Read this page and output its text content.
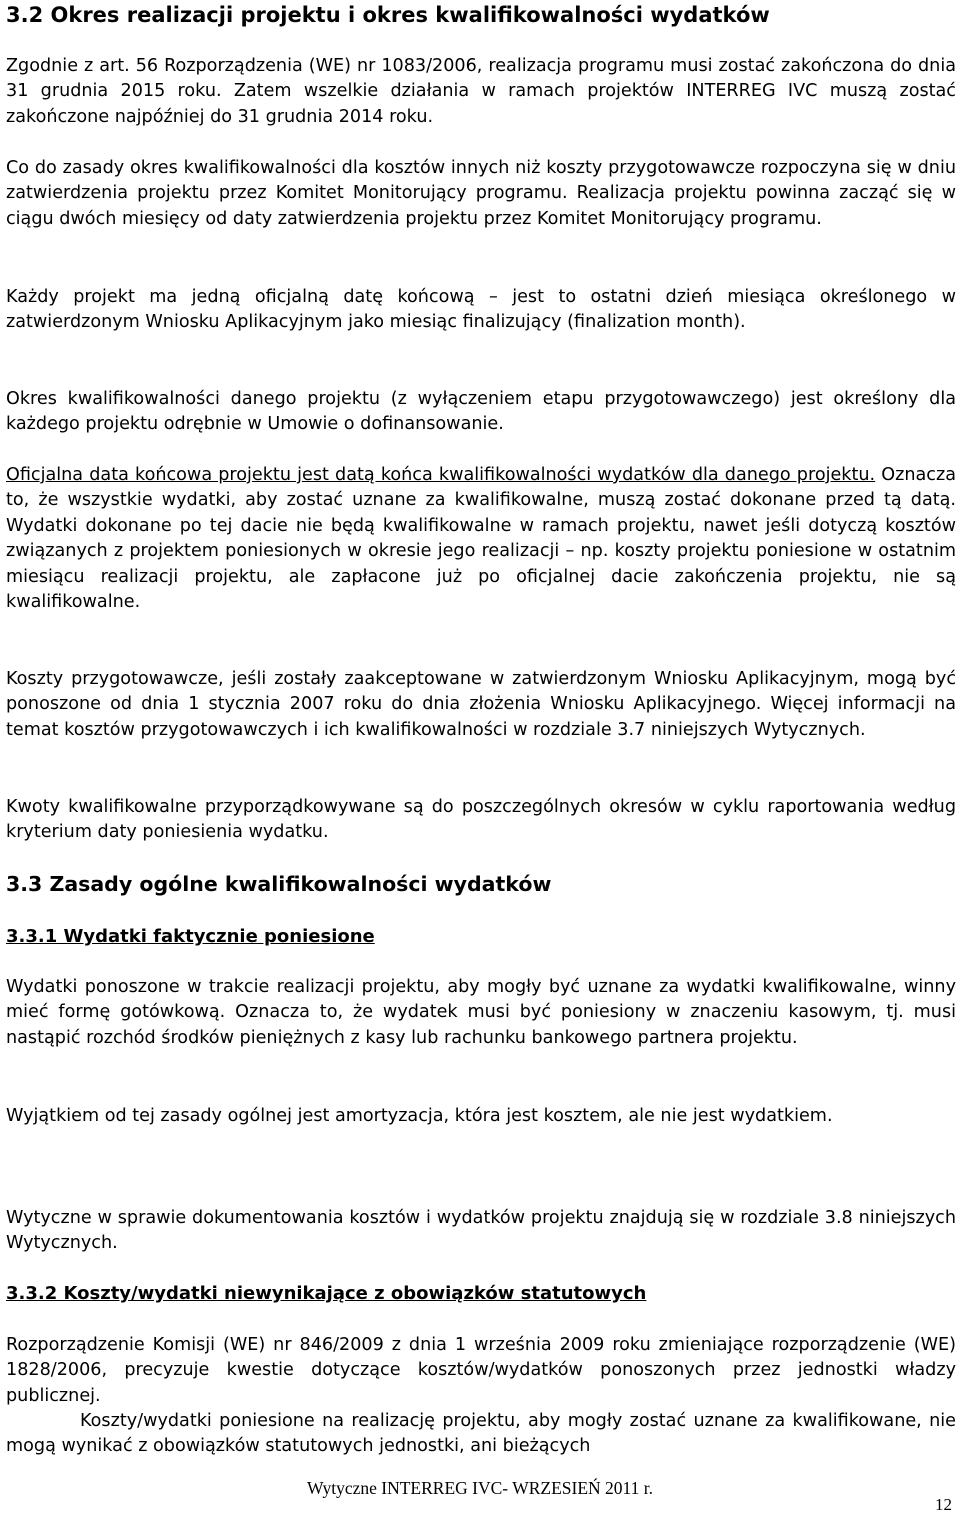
3.2 Okres realizacji projektu i okres kwalifikowalności wydatków

Zgodnie z art. 56 Rozporządzenia (WE) nr 1083/2006, realizacja programu musi zostać zakończona do dnia 31 grudnia 2015 roku. Zatem wszelkie działania w ramach projektów INTERREG IVC muszą zostać zakończone najpóźniej do 31 grudnia 2014 roku.

Co do zasady okres kwalifikowalności dla kosztów innych niż koszty przygotowawcze rozpoczyna się w dniu zatwierdzenia projektu przez Komitet Monitorujący programu. Realizacja projektu powinna zacząć się w ciągu dwóch miesięcy od daty zatwierdzenia projektu przez Komitet Monitorujący programu.

Każdy projekt ma jedną oficjalną datę końcową – jest to ostatni dzień miesiąca określonego w zatwierdzonym Wniosku Aplikacyjnym jako miesiąc finalizujący (finalization month).

Okres kwalifikowalności danego projektu (z wyłączeniem etapu przygotowawczego) jest określony dla każdego projektu odrębnie w Umowie o dofinansowanie.

Oficjalna data końcowa projektu jest datą końca kwalifikowalności wydatków dla danego projektu. Oznacza to, że wszystkie wydatki, aby zostać uznane za kwalifikowalne, muszą zostać dokonane przed tą datą. Wydatki dokonane po tej dacie nie będą kwalifikowalne w ramach projektu, nawet jeśli dotyczą kosztów związanych z projektem poniesionych w okresie jego realizacji – np. koszty projektu poniesione w ostatnim miesiącu realizacji projektu, ale zapłacone już po oficjalnej dacie zakończenia projektu, nie są kwalifikowalne.

Koszty przygotowawcze, jeśli zostały zaakceptowane w zatwierdzonym Wniosku Aplikacyjnym, mogą być ponoszone od dnia 1 stycznia 2007 roku do dnia złożenia Wniosku Aplikacyjnego. Więcej informacji na temat kosztów przygotowawczych i ich kwalifikowalności w rozdziale 3.7 niniejszych Wytycznych.

Kwoty kwalifikowalne przyporządkowywane są do poszczególnych okresów w cyklu raportowania według kryterium daty poniesienia wydatku.

3.3 Zasady ogólne kwalifikowalności wydatków
3.3.1 Wydatki faktycznie poniesione

Wydatki ponoszone w trakcie realizacji projektu, aby mogły być uznane za wydatki kwalifikowalne, winny mieć formę gotówkową. Oznacza to, że wydatek musi być poniesiony w znaczeniu kasowym, tj. musi nastąpić rozchód środków pieniężnych z kasy lub rachunku bankowego partnera projektu.

Wyjątkiem od tej zasady ogólnej jest amortyzacja, która jest kosztem, ale nie jest wydatkiem.

Wytyczne w sprawie dokumentowania kosztów i wydatków projektu znajdują się w rozdziale 3.8 niniejszych Wytycznych.

3.3.2 Koszty/wydatki niewynikające z obowiązków statutowych

Rozporządzenie Komisji (WE) nr 846/2009 z dnia 1 września 2009 roku zmieniające rozporządzenie (WE) 1828/2006, precyzuje kwestie dotyczące kosztów/wydatków ponoszonych przez jednostki władzy publicznej.

Koszty/wydatki poniesione na realizację projektu, aby mogły zostać uznane za kwalifikowane, nie mogą wynikać z obowiązków statutowych jednostki, ani bieżących

Wytyczne INTERREG IVC- WRZESIEŃ 2011 r.
12
